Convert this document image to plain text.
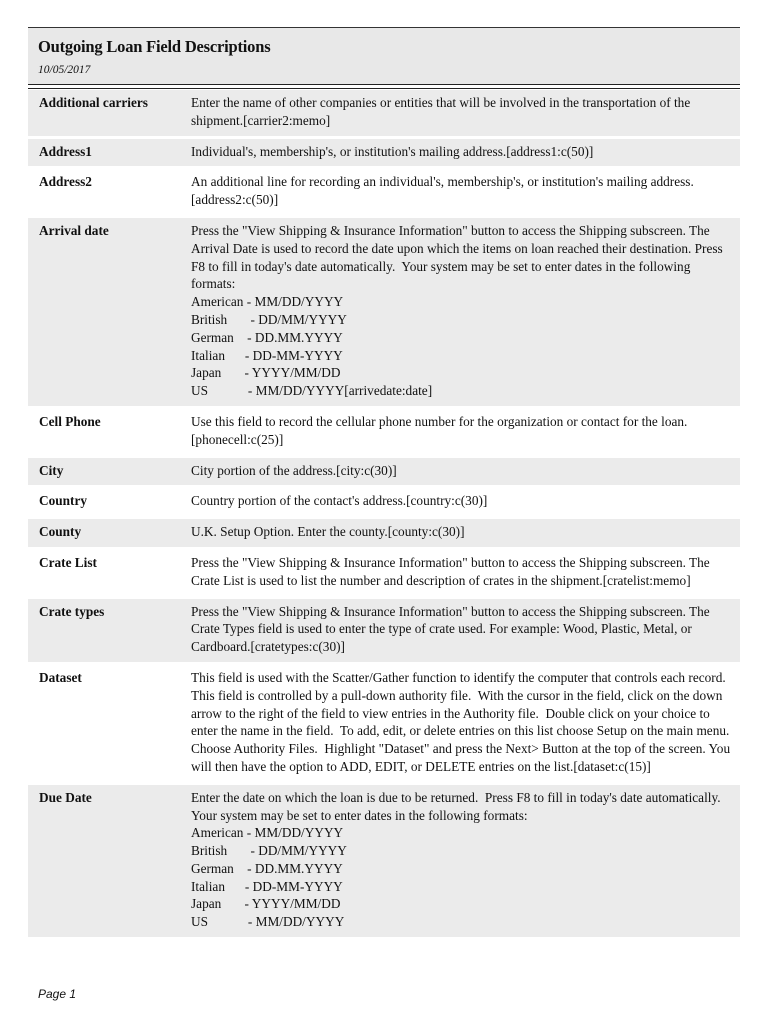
Outgoing Loan Field Descriptions
10/05/2017
Additional carriers	Enter the name of other companies or entities that will be involved in the transportation of the shipment.[carrier2:memo]
Address1	Individual's, membership's, or institution's mailing address.[address1:c(50)]
Address2	An additional line for recording an individual's, membership's, or institution's mailing address.[address2:c(50)]
Arrival date	Press the "View Shipping & Insurance Information" button to access the Shipping subscreen. The Arrival Date is used to record the date upon which the items on loan reached their destination. Press F8 to fill in today's date automatically.  Your system may be set to enter dates in the following formats:
American - MM/DD/YYYY
British       - DD/MM/YYYY
German    - DD.MM.YYYY
Italian      - DD-MM-YYYY
Japan       - YYYY/MM/DD
US            - MM/DD/YYYY[arrivedate:date]
Cell Phone	Use this field to record the cellular phone number for the organization or contact for the loan.[phonecell:c(25)]
City	City portion of the address.[city:c(30)]
Country	Country portion of the contact's address.[country:c(30)]
County	U.K. Setup Option. Enter the county.[county:c(30)]
Crate List	Press the "View Shipping & Insurance Information" button to access the Shipping subscreen. The Crate List is used to list the number and description of crates in the shipment.[cratelist:memo]
Crate types	Press the "View Shipping & Insurance Information" button to access the Shipping subscreen. The Crate Types field is used to enter the type of crate used. For example: Wood, Plastic, Metal, or Cardboard.[cratetypes:c(30)]
Dataset	This field is used with the Scatter/Gather function to identify the computer that controls each record.  This field is controlled by a pull-down authority file.  With the cursor in the field, click on the down arrow to the right of the field to view entries in the Authority file.  Double click on your choice to enter the name in the field.  To add, edit, or delete entries on this list choose Setup on the main menu.  Choose Authority Files.  Highlight "Dataset" and press the Next> Button at the top of the screen. You will then have the option to ADD, EDIT, or DELETE entries on the list.[dataset:c(15)]
Due Date	Enter the date on which the loan is due to be returned.  Press F8 to fill in today's date automatically.  Your system may be set to enter dates in the following formats:
American - MM/DD/YYYY
British       - DD/MM/YYYY
German    - DD.MM.YYYY
Italian      - DD-MM-YYYY
Japan       - YYYY/MM/DD
US            - MM/DD/YYYY
Page 1
